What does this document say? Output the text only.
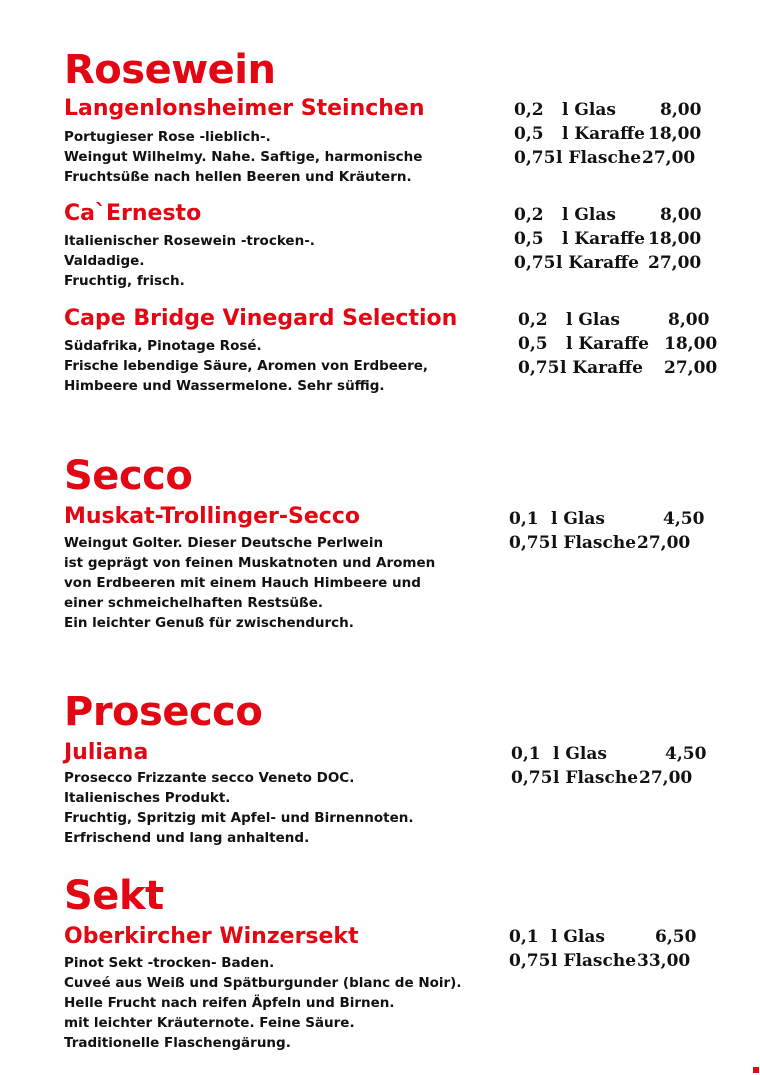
Rosewein
Langenlonsheimer Steinchen
Portugieser Rose -lieblich-.
Weingut Wilhelmy. Nahe. Saftige, harmonische
Fruchtsüße nach hellen Beeren und Kräutern.
0,2 l Glas	8,00
0,5 l Karaffe 18,00
0,75 l Flasche 27,00
Ca`Ernesto
Italienischer Rosewein -trocken-.
Valdadige.
Fruchtig, frisch.
0,2 l Glas	8,00
0,5 l Karaffe 18,00
0,75 l Karaffe 27,00
Cape Bridge Vinegard Selection
Südafrika, Pinotage Rosé.
Frische lebendige Säure, Aromen von Erdbeere,
Himbeere und Wassermelone. Sehr süffig.
0,2 l Glas	8,00
0,5 l Karaffe 18,00
0,75 l Karaffe 27,00
Secco
Muskat-Trollinger-Secco
Weingut Golter. Dieser Deutsche Perlwein
ist geprägt von feinen Muskatnoten und Aromen
von Erdbeeren mit einem Hauch Himbeere und
einer schmeichelhaften Restsüße.
Ein leichter Genuß für zwischendurch.
0,1 l Glas	4,50
0,75 l Flasche 27,00
Prosecco
Juliana
Prosecco Frizzante secco Veneto DOC.
Italienisches Produkt.
Fruchtig, Spritzig mit Apfel- und Birnennoten.
Erfrischend und lang anhaltend.
0,1 l Glas	4,50
0,75 l Flasche 27,00
Sekt
Oberkircher Winzersekt
Pinot Sekt -trocken- Baden.
Cuveé aus Weiß und Spätburgunder (blanc de Noir).
Helle Frucht nach reifen Äpfeln und Birnen.
mit leichter Kräuternote. Feine Säure.
Traditionelle Flaschengärung.
0,1 l Glas	6,50
0,75 l Flasche 33,00
